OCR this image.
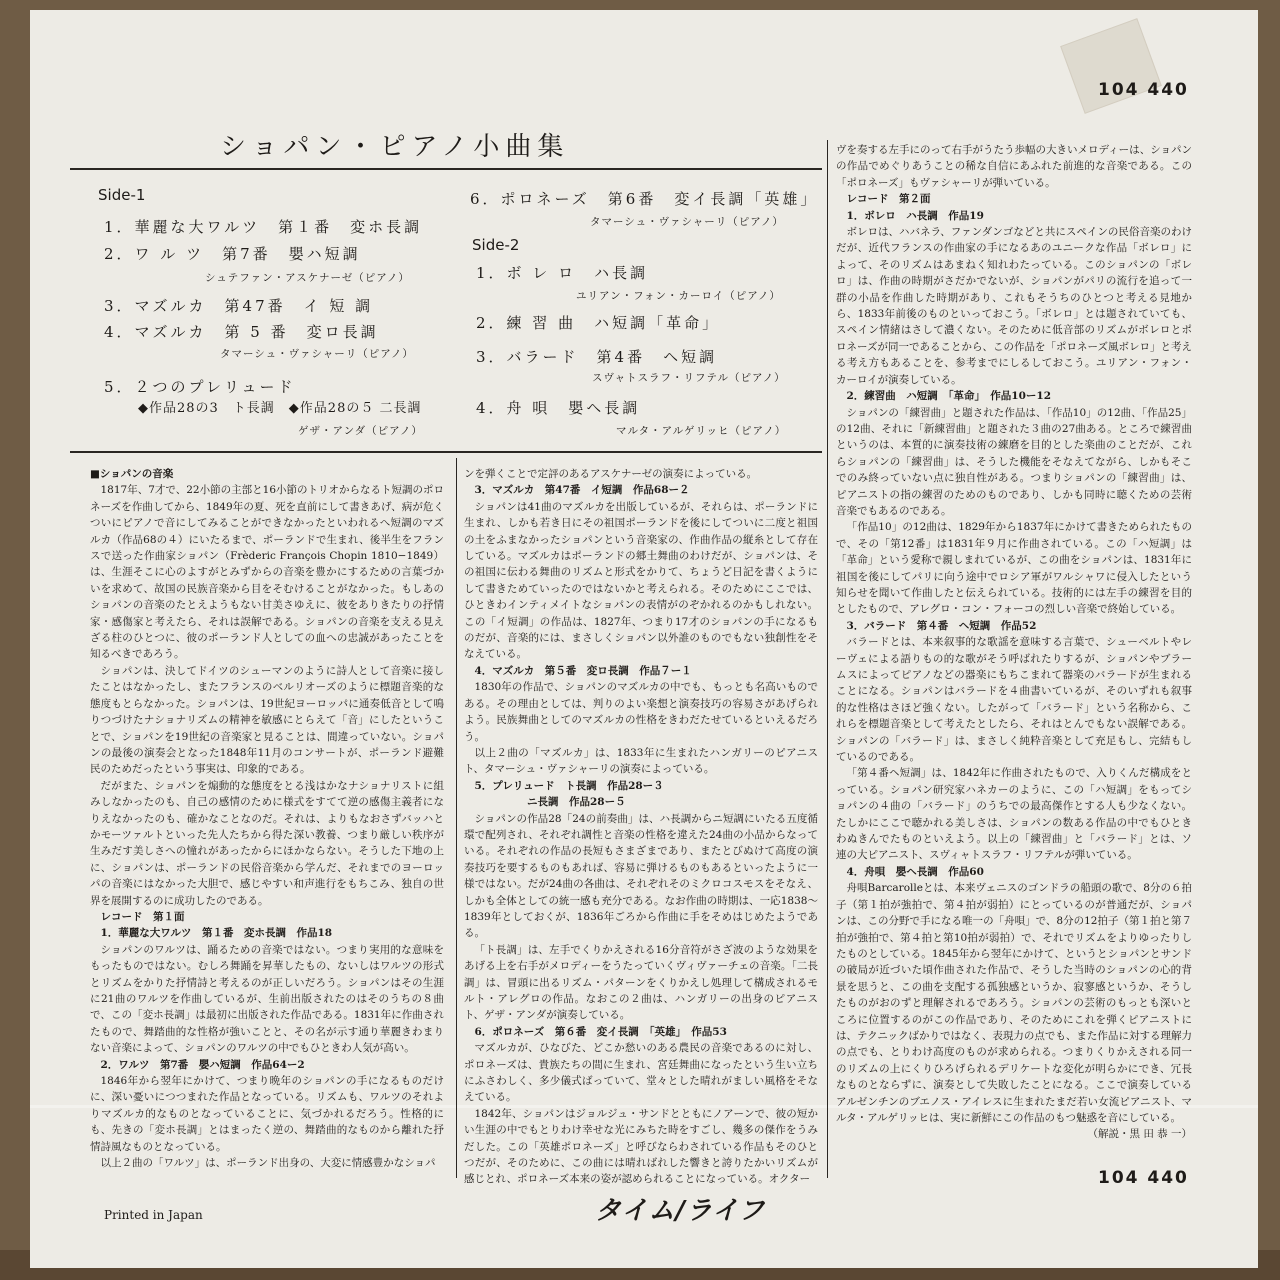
104 440
ショパン・ピアノ小曲集
Side-1
1．華麗な大ワルツ　第１番　変ホ長調
2．ワ ル ツ　第7番　嬰ハ短調
シュテファン・アスケナーゼ（ピアノ）
3．マズルカ　第47番　イ 短 調
4．マズルカ　第 5 番　変ロ長調
タマーシュ・ヴァシャーリ（ピアノ）
5．２つのプレリュード
◆作品28の3　ト長調　◆作品28の５ 二長調
ゲザ・アンダ（ピアノ）
6．ポロネーズ　第6番　変イ長調「英雄」
タマーシュ・ヴァシャーリ（ピアノ）
Side-2
1．ボ レ ロ　ハ長調
ユリアン・フォン・カーロイ（ピアノ）
2．練 習 曲　ハ短調「革命」
3．バラード　第4番　ヘ短調
スヴャトスラフ・リフテル（ピアノ）
4．舟 唄　嬰ヘ長調
マルタ・アルゲリッヒ（ピアノ）

■ショパンの音楽

1817年、7才で、22小節の主部と16小節のトリオからなるト短調のポロネーズを作曲してから、1849年の夏、死を直前にして書きあげ、病が危くついにピアノで音にしてみることができなかったといわれるへ短調のマズルカ（作品68の４）にいたるまで、ポーランドで生まれ、後半生をフランスで送った作曲家ショパン（Frèderic François Chopin 1810−1849）は、生涯そこに心のよすがとみずからの音楽を豊かにするための言葉づかいを求めて、故国の民族音楽から目をそむけることがなかった。もしあのショパンの音楽のたとえようもない甘美さゆえに、彼をありきたりの抒情家・感傷家と考えたら、それは誤解である。ショパンの音楽を支える見えざる柱のひとつに、彼のポーランド人としての血への忠誠があったことを知るべきであろう。

ショパンは、決してドイツのシューマンのように詩人として音楽に接したことはなかったし、またフランスのベルリオーズのように標題音楽的な態度もとらなかった。ショパンは、19世紀ヨーロッパに通奏低音として鳴りつづけたナショナリズムの精神を敏感にとらえて「音」にしたということで、ショパンを19世紀の音楽家と見ることは、間違っていない。ショパンの最後の演奏会となった1848年11月のコンサートが、ポーランド避難民のためだったという事実は、印象的である。

だがまた、ショパンを煽動的な態度をとる浅はかなナショナリストに組みしなかったのも、自己の感情のために様式をすてて逆の感傷主義者になりえなかったのも、確かなことなのだ。それは、よりもなおさずバッハとかモーツァルトといった先人たちから得た深い教養、つまり厳しい秩序が生みだす美しさへの憧れがあったからにほかならない。そうした下地の上に、ショパンは、ポーランドの民俗音楽から学んだ、それまでのヨーロッパの音楽にはなかった大胆で、感じやすい和声進行をもちこみ、独自の世界を展開するのに成功したのである。

レコード　第１面

1．華麗な大ワルツ　第１番　変ホ長調　作品18

ショパンのワルツは、踊るための音楽ではない。つまり実用的な意味をもったものではない。むしろ舞踊を昇華したもの、ないしはワルツの形式とリズムをかりた抒情詩と考えるのが正しいだろう。ショパンはその生涯に21曲のワルツを作曲しているが、生前出版されたのはそのうちの８曲で、この「変ホ長調」は最初に出版された作品である。1831年に作曲されたもので、舞踏曲的な性格が強いことと、その名が示す通り華麗きわまりない音楽によって、ショパンのワルツの中でもひときわ人気が高い。

2．ワルツ　第7番　嬰ハ短調　作品64ー2

1846年から翌年にかけて、つまり晩年のショパンの手になるものだけに、深い憂いにつつまれた作品となっている。リズムも、ワルツのそれよりマズルカ的なものとなっていることに、気づかれるだろう。性格的にも、先きの「変ホ長調」とはまったく逆の、舞踏曲的なものから離れた抒情詩風なものとなっている。

以上２曲の「ワルツ」は、ポーランド出身の、大変に情感豊かなショパ

ンを弾くことで定評のあるアスケナーゼの演奏によっている。

3．マズルカ　第47番　イ短調　作品68ー２

ショパンは41曲のマズルカを出版しているが、それらは、ポーランドに生まれ、しかも若き日にその祖国ポーランドを後にしてついに二度と祖国の土をふまなかったショパンという音楽家の、作曲作品の縦糸として存在している。マズルカはポーランドの郷土舞曲のわけだが、ショパンは、その祖国に伝わる舞曲のリズムと形式をかりて、ちょうど日記を書くようにして書きためていったのではないかと考えられる。そのためにここでは、ひときわインティメイトなショパンの表情がのぞかれるのかもしれない。この「イ短調」の作品は、1827年、つまり17才のショパンの手になるものだが、音楽的には、まさしくショパン以外誰のものでもない独創性をそなえている。

4．マズルカ　第５番　変ロ長調　作品７ー１

1830年の作品で、ショパンのマズルカの中でも、もっとも名高いものである。その理由としては、判りのよい楽想と演奏技巧の容易さがあげられよう。民族舞曲としてのマズルカの性格をきわだたせているといえるだろう。

以上２曲の「マズルカ」は、1833年に生まれたハンガリーのピアニスト、タマーシュ・ヴァシャーリの演奏によっている。

5．プレリュード　ト長調　作品28ー３

ニ長調　作品28ー５

ショパンの作品28「24の前奏曲」は、ハ長調からニ短調にいたる五度循環で配列され、それぞれ調性と音楽の性格を違えた24曲の小品からなっている。それぞれの作品の長短もさまざまであり、またとびぬけて高度の演奏技巧を要するものもあれば、容易に弾けるものもあるといったように一様ではない。だが24曲の各曲は、それぞれそのミクロコスモスをそなえ、しかも全体としての統一感も充分である。なお作曲の時期は、一応1838〜1839年としておくが、1836年ごろから作曲に手をそめはじめたようである。

「ト長調」は、左手でくりかえされる16分音符がさざ波のような効果をあげる上を右手がメロディーをうたっていくヴィヴァーチェの音楽。「二長調」は、冒頭に出るリズム・パターンをくりかえし処理して構成されるモルト・アレグロの作品。なおこの２曲は、ハンガリーの出身のピアニスト、ゲザ・アンダが演奏している。

6．ポロネーズ　第６番　変イ長調　「英雄」　作品53

マズルカが、ひなびた、どこか愁いのある農民の音楽であるのに対し、ポロネーズは、貴族たちの間に生まれ、宮廷舞曲になったという生い立ちにふさわしく、多少儀式ばっていて、堂々とした晴れがましい風格をそなえている。

1842年、ショパンはジョルジュ・サンドとともにノアーンで、彼の短かい生涯の中でもとりわけ幸せな光にみちた時をすごし、幾多の傑作をうみだした。この「英雄ポロネーズ」と呼びならわされている作品もそのひとつだが、そのために、この曲には晴ればれした響きと誇りたかいリズムが感じとれ、ポロネーズ本来の姿が認められることになっている。オクター

ヴを奏する左手にのって右手がうたう歩幅の大きいメロディーは、ショパンの作品でめぐりあうことの稀な自信にあふれた前進的な音楽である。この「ポロネーズ」もヴァシャーリが弾いている。

レコード　第２面

1．ボレロ　ハ長調　作品19

ボレロは、ハバネラ、ファンダンゴなどと共にスペインの民俗音楽のわけだが、近代フランスの作曲家の手になるあのユニークな作品「ボレロ」によって、そのリズムはあまねく知れわたっている。このショパンの「ボレロ」は、作曲の時期がさだかでないが、ショパンがパリの流行を追って一群の小品を作曲した時期があり、これもそうちのひとつと考える見地から、1833年前後のものといっておこう。「ボレロ」とは題されていても、スペイン情緒はさして濃くない。そのために低音部のリズムがボレロとポロネーズが同一であることから、この作品を「ポロネーズ風ボレロ」と考える考え方もあることを、参考までにしるしておこう。ユリアン・フォン・カーロイが演奏している。

2．練習曲　ハ短調　「革命」　作品10ー12

ショパンの「練習曲」と題された作品は、「作品10」の12曲、「作品25」の12曲、それに「新練習曲」と題された３曲の27曲ある。ところで練習曲というのは、本質的に演奏技術の練磨を目的とした楽曲のことだが、これらショパンの「練習曲」は、そうした機能をそなえてながら、しかもそこでのみ終っていない点に独自性がある。つまりショパンの「練習曲」は、ピアニストの指の練習のためのものであり、しかも同時に聴くための芸術音楽でもあるのである。

「作品10」の12曲は、1829年から1837年にかけて書きためられたもので、その「第12番」は1831年９月に作曲されている。この「ハ短調」は「革命」という愛称で親しまれているが、この曲をショパンは、1831年に祖国を後にしてパリに向う途中でロシア軍がワルシャワに侵入したという知らせを聞いて作曲したと伝えられている。技術的には左手の練習を目的としたもので、アレグロ・コン・フォーコの烈しい音楽で終始している。

3．バラード　第４番　ヘ短調　作品52

バラードとは、本来叙事的な歌謡を意味する言葉で、シューベルトやレーヴェによる語りもの的な歌がそう呼ばれたりするが、ショパンやブラームスによってピアノなどの器楽にもちこまれて器楽のバラードが生まれることになる。ショパンはバラードを４曲書いているが、そのいずれも叙事的な性格はさほど強くない。したがって「バラード」という名称から、これらを標題音楽として考えたとしたら、それはとんでもない誤解である。ショパンの「バラード」は、まさしく純粋音楽として充足もし、完結もしているのである。

「第４番ヘ短調」は、1842年に作曲されたもので、入りくんだ構成をとっている。ショパン研究家ハネカーのように、この「ハ短調」をもってショパンの４曲の「バラード」のうちでの最高傑作とする人も少なくない。たしかにここで聴かれる美しさは、ショパンの数ある作品の中でもひときわぬきんでたものといえよう。以上の「練習曲」と「バラード」とは、ソ連の大ピアニスト、スヴィャトスラフ・リフテルが弾いている。

4．舟唄　嬰ヘ長調　作品60

舟唄Barcarolleとは、本来ヴェニスのゴンドラの船頭の歌で、8分の６拍子（第１拍が強拍で、第４拍が弱拍）にとっているのが普通だが、ショパンは、この分野で手になる唯一の「舟唄」で、8分の12拍子（第１拍と第７拍が強拍で、第４拍と第10拍が弱拍）で、それでリズムをよりゆったりしたものとしている。1845年から翌年にかけて、というとショパンとサンドの破局が近づいた頃作曲された作品で、そうした当時のショパンの心的背景を思うと、この曲を支配する孤独感というか、寂寥感というか、そうしたものがおのずと理解されるであろう。ショパンの芸術のもっとも深いところに位置するのがこの作品であり、そのためにこれを弾くピアニストには、テクニックばかりではなく、表現力の点でも、また作品に対する理解力の点でも、とりわけ高度のものが求められる。つまりくりかえされる同一のリズムの上にくりひろげられるデリケートな変化が明らかにでき、冗長なものとならずに、演奏として失敗したことになる。ここで演奏しているアルゼンチンのブエノス・アイレスに生まれたまだ若い女流ピアニスト、マルタ・アルゲリッヒは、実に新鮮にこの作品のもつ魅惑を音にしている。

（解説・黒 田 恭 一）

104 440
Printed in Japan	タイム/ライフ
